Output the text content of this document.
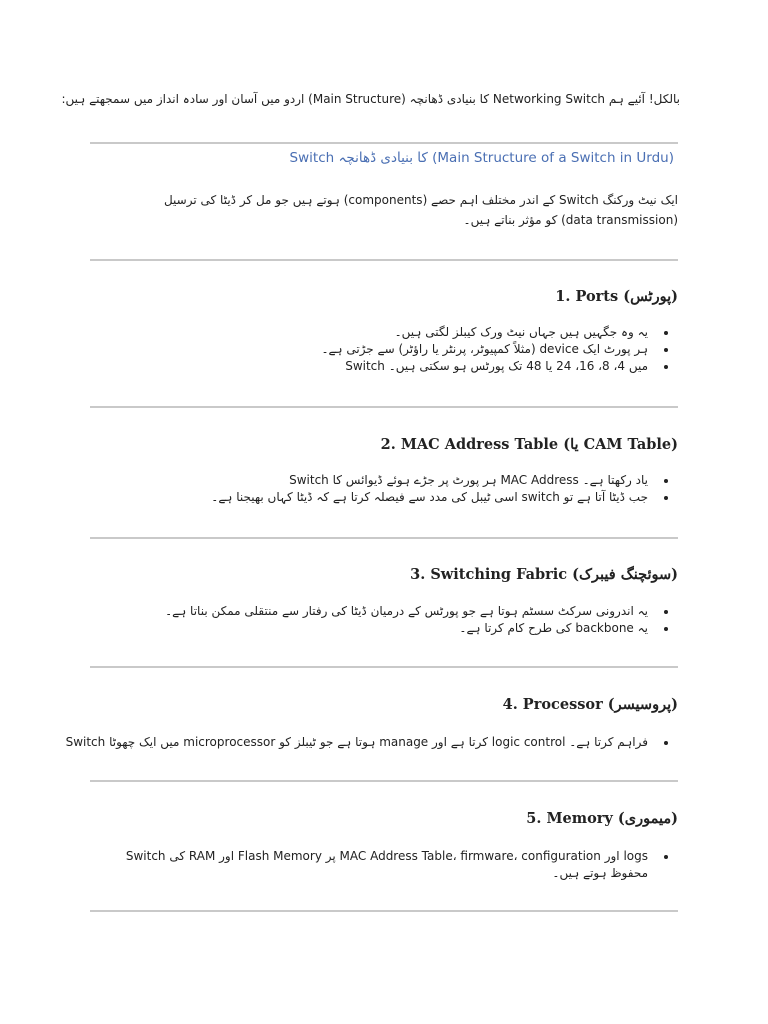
بالکل! آئیے ہم Networking Switch کا بنیادی ڈھانچہ (Main Structure) اردو میں آسان اور سادہ انداز میں سمجھتے ہیں:
Switch کا بنیادی ڈھانچہ (Main Structure of a Switch in Urdu)
ایک نیٹ ورکنگ Switch کے اندر مختلف اہم حصے (components) ہوتے ہیں جو مل کر ڈیٹا کی ترسیل (data transmission) کو مؤثر بناتے ہیں۔
1. Ports (پورٹس)
یہ وہ جگہیں ہیں جہاں نیٹ ورک کیبلز لگتی ہیں۔
ہر پورٹ ایک device (مثلاً کمپیوٹر، پرنٹر یا راؤٹر) سے جڑتی ہے۔
Switch میں 4، 8، 16، 24 یا 48 تک پورٹس ہو سکتی ہیں۔
2. MAC Address Table (یا CAM Table)
Switch ہر پورٹ پر جڑے ہوئے ڈیوائس کا MAC Address یاد رکھتا ہے۔
جب ڈیٹا آتا ہے تو switch اسی ٹیبل کی مدد سے فیصلہ کرتا ہے کہ ڈیٹا کہاں بھیجنا ہے۔
3. Switching Fabric (سوئچنگ فیبرک)
یہ اندرونی سرکٹ سسٹم ہوتا ہے جو پورٹس کے درمیان ڈیٹا کی رفتار سے منتقلی ممکن بناتا ہے۔
یہ backbone کی طرح کام کرتا ہے۔
4. Processor (پروسیسر)
Switch میں ایک چھوٹا microprocessor ہوتا ہے جو ٹیبلز کو manage کرتا ہے اور logic control فراہم کرتا ہے۔
5. Memory (میموری)
Switch کی RAM اور Flash Memory پر MAC Address Table، firmware، configuration اور logs محفوظ ہوتے ہیں۔
